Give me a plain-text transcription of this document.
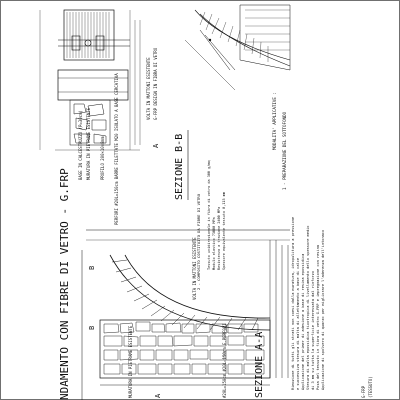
BASE IN CALCESTRUZZO (P=30cm) MURATURA IN PIETRAME ESISTENTE PROFILO 200×10×8mm PERFORI #20L=150cm BARRE FILETTATE M20 ISOLATO A BASE CERCATIVA	VOLTA IN MATTONI ESISTENTE G-FRP DESIGN IN FIBRA DI VETRO
SEZIONE B-B
A	MODALITA' APPLICATIVE : 1 - PREPARAZIONE DEL SOTTOFONDO
Rimozione di tutti gli strati non coesi dalla muratura, idropulitura a pressione e successiva stesura di malta di allettamento a base di calce Applicazione del primer di adesione a base di resina epossidica Stesura di malta epossidica tixotropica di livellamento dello spessore medio di 3 mm su tutta la superficie interessata dal rinforzo Posa del tessuto in fibra di vetro G-FRP e impregnazione con resina Applicazione di spolvero di quarzo per migliorare l'aderenza dell'intonaco
2 - COMPOSITO COSTITUITO DA FIBRE DI VETRO Tessuto unidirezionale in fibra di vetro da 300 g/mq Modulo elastico 73000 MPa Resistenza a trazione 2400 MPa Spessore equivalente tessuto 0,115 mm
G-FRP (TESSUTO)
NDAMENTO CON FIBRE DI VETRO - G.FRP B
B	MURATURA IN PIETRAME ESISTENTE
VOLTA IN MATTONI ESISTENTE
#20L=150cm #20L=150cm E.PERFORI	SEZIONE A-A
A
